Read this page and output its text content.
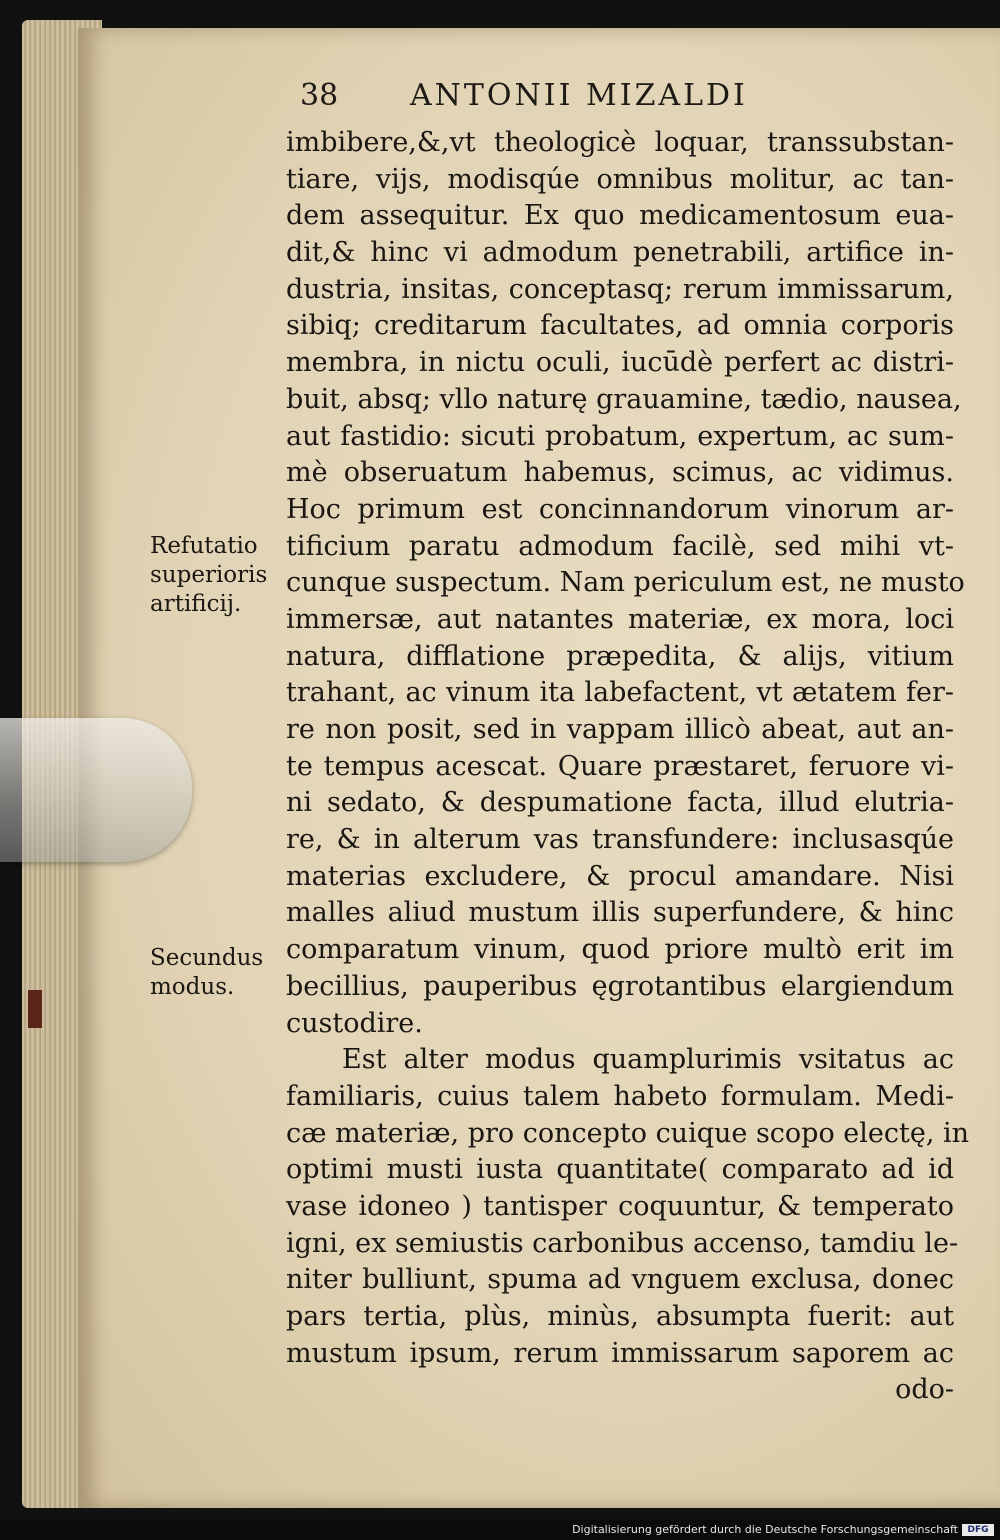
38 ANTONII MIZALDI
imbibere,&,vt theologicè loquar, transsubstan-
tiare, vijs, modisqúe omnibus molitur, ac tan-
dem assequitur. Ex quo medicamentosum eua-
dit,& hinc vi admodum penetrabili, artifice in-
dustria, insitas, conceptasq; rerum immissarum,
sibiq; creditarum facultates, ad omnia corporis
membra, in nictu oculi, iucūdè perfert ac distri-
buit, absq; vllo naturę grauamine, tædio, nausea,
aut fastidio: sicuti probatum, expertum, ac sum-
mè obseruatum habemus, scimus, ac vidimus.
Hoc primum est concinnandorum vinorum ar-
tificium paratu admodum facilè, sed mihi vt-
cunque suspectum. Nam periculum est, ne musto
immersæ, aut natantes materiæ, ex mora, loci
natura, difflatione præpedita, & alijs, vitium
trahant, ac vinum ita labefactent, vt ætatem fer-
re non posit, sed in vappam illicò abeat, aut an-
te tempus acescat. Quare præstaret, feruore vi-
ni sedato, & despumatione facta, illud elutria-
re, & in alterum vas transfundere: inclusasqúe
materias excludere, & procul amandare. Nisi
malles aliud mustum illis superfundere, & hinc
comparatum vinum, quod priore multò erit im
becillius, pauperibus ęgrotantibus elargiendum
custodire.
Est alter modus quamplurimis vsitatus ac
familiaris, cuius talem habeto formulam. Medi-
cæ materiæ, pro concepto cuique scopo electę, in
optimi musti iusta quantitate( comparato ad id
vase idoneo ) tantisper coquuntur, & temperato
igni, ex semiustis carbonibus accenso, tamdiu le-
niter bulliunt, spuma ad vnguem exclusa, donec
pars tertia, plùs, minùs, absumpta fuerit: aut
mustum ipsum, rerum immissarum saporem ac
odo-
Refutatio
superioris
artificij.
Secundus
modus.
Digitalisierung gefördert durch die Deutsche Forschungsgemeinschaft	DFG
